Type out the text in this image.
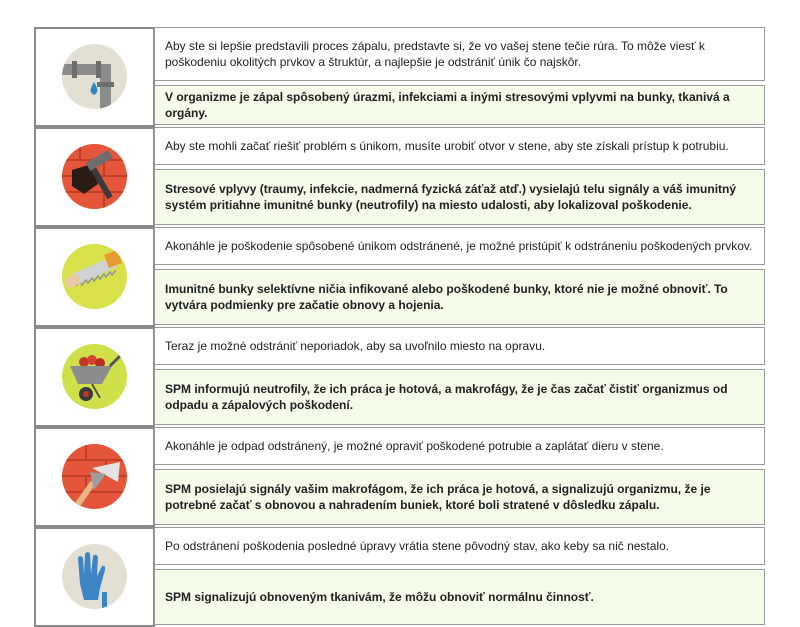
Aby ste si lepšie predstavili proces zápalu, predstavte si, že vo vašej stene tečie rúra. To môže viesť k poškodeniu okolitých prvkov a štruktúr, a najlepšie je odstrániť únik čo najskôr.
V organizme je zápal spôsobený úrazmi, infekciami a inými stresovými vplyvmi na bunky, tkanivá a orgány.
Aby ste mohli začať riešiť problém s únikom, musíte urobiť otvor v stene, aby ste získali prístup k potrubiu.
Stresové vplyvy (traumy, infekcie, nadmerná fyzická záťaž atď.) vysielajú telu signály a váš imunitný systém pritiahne imunitné bunky (neutrofily) na miesto udalosti, aby lokalizoval poškodenie.
Akonáhle je poškodenie spôsobené únikom odstránené, je možné pristúpiť k odstráneniu poškodených prvkov.
Imunitné bunky selektívne ničia infikované alebo poškodené bunky, ktoré nie je možné obnoviť. To vytvára podmienky pre začatie obnovy a hojenia.
Teraz je možné odstrániť neporiadok, aby sa uvoľnilo miesto na opravu.
SPM informujú neutrofily, že ich práca je hotová, a makrofágy, že je čas začať čistiť organizmus od odpadu a zápalových poškodení.
Akonáhle je odpad odstránený, je možné opraviť poškodené potrubie a zaplátať dieru v stene.
SPM posielajú signály vašim makrofágom, že ich práca je hotová, a signalizujú organizmu, že je potrebné začať s obnovou a nahradením buniek, ktoré boli stratené v dôsledku zápalu.
Po odstránení poškodenia posledné úpravy vrátia stene pôvodný stav, ako keby sa nič nestalo.
SPM signalizujú obnoveným tkanivám, že môžu obnoviť normálnu činnosť.
